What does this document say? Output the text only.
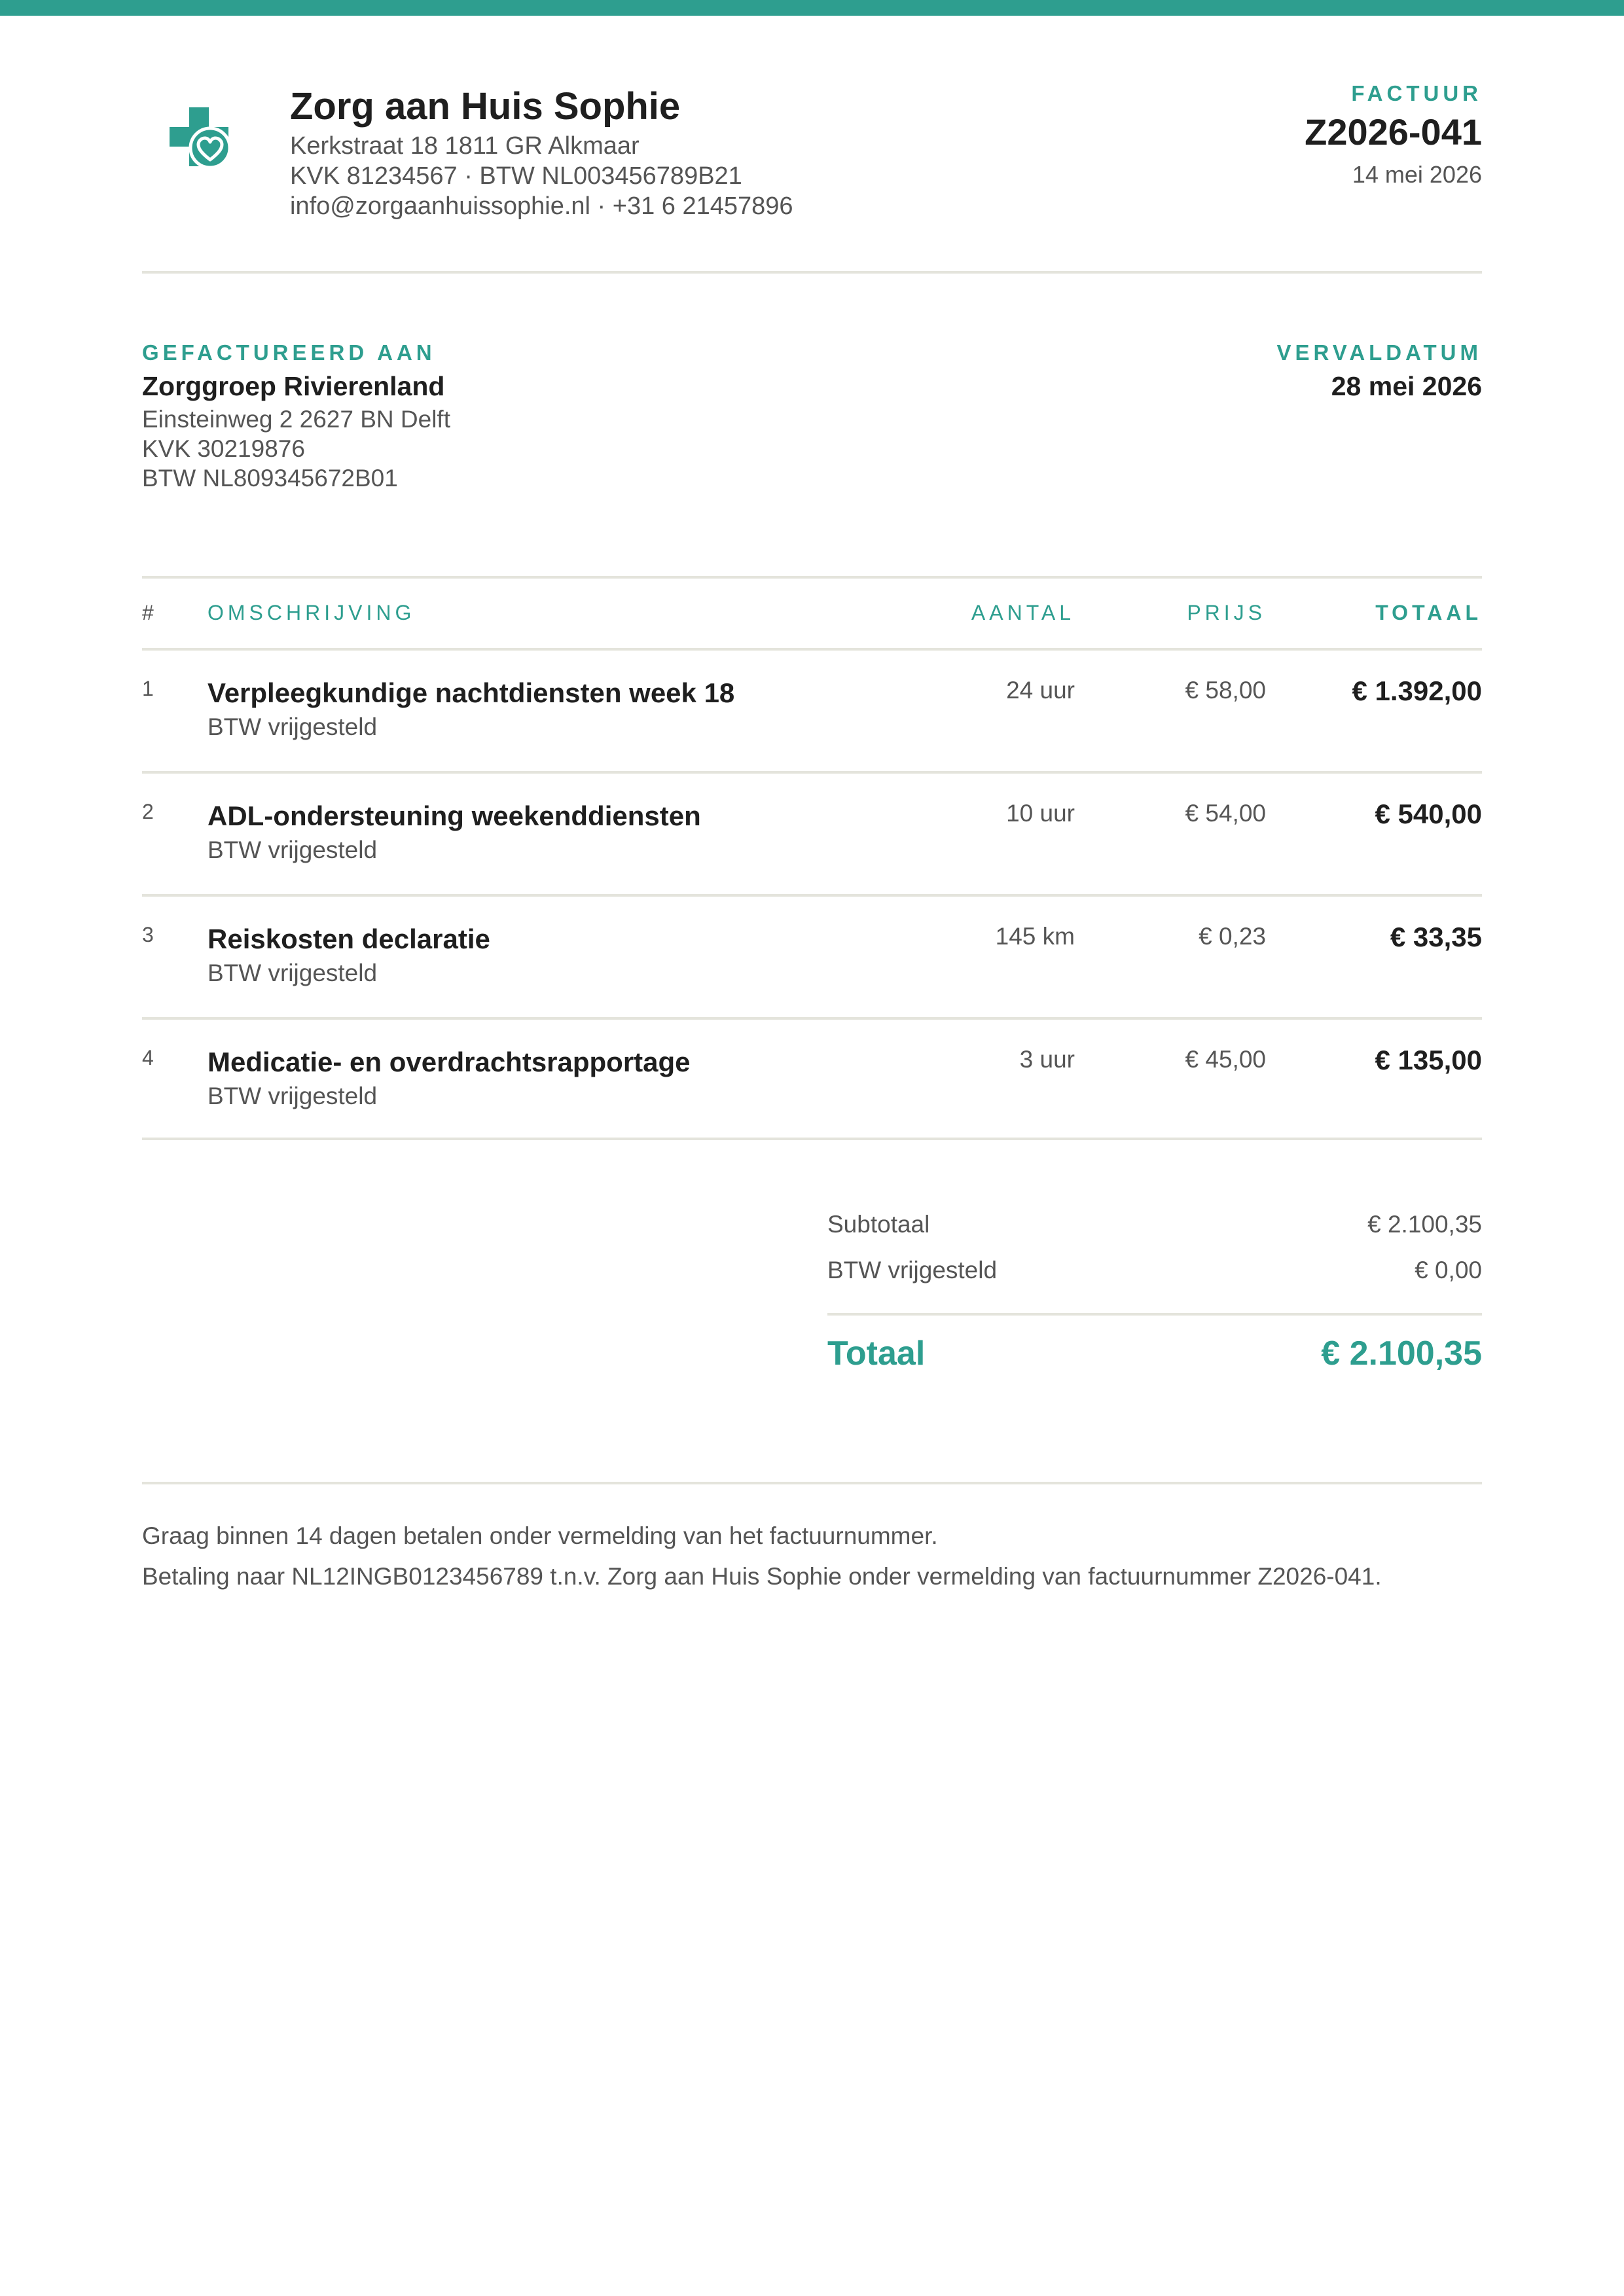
Zorg aan Huis Sophie
Kerkstraat 18 1811 GR Alkmaar
KVK 81234567 · BTW NL003456789B21
info@zorgaanhuissophie.nl · +31 6 21457896
FACTUUR
Z2026-041
14 mei 2026
GEFACTUREERD AAN
Zorggroep Rivierenland
Einsteinweg 2 2627 BN Delft
KVK 30219876
BTW NL809345672B01
VERVALDATUM
28 mei 2026
#	OMSCHRIJVING	AANTAL	PRIJS	TOTAAL
1 Verpleegkundige nachtdiensten week 18
BTW vrijgesteld
24 uur	€ 58,00	€ 1.392,00
2 ADL-ondersteuning weekenddiensten
BTW vrijgesteld
10 uur	€ 54,00	€ 540,00
3 Reiskosten declaratie
BTW vrijgesteld
145 km	€ 0,23	€ 33,35
4 Medicatie- en overdrachtsrapportage
BTW vrijgesteld
3 uur	€ 45,00	€ 135,00
Subtotaal	€ 2.100,35
BTW vrijgesteld	€ 0,00
Totaal	€ 2.100,35
Graag binnen 14 dagen betalen onder vermelding van het factuurnummer.
Betaling naar NL12INGB0123456789 t.n.v. Zorg aan Huis Sophie onder vermelding van factuurnummer Z2026-041.
